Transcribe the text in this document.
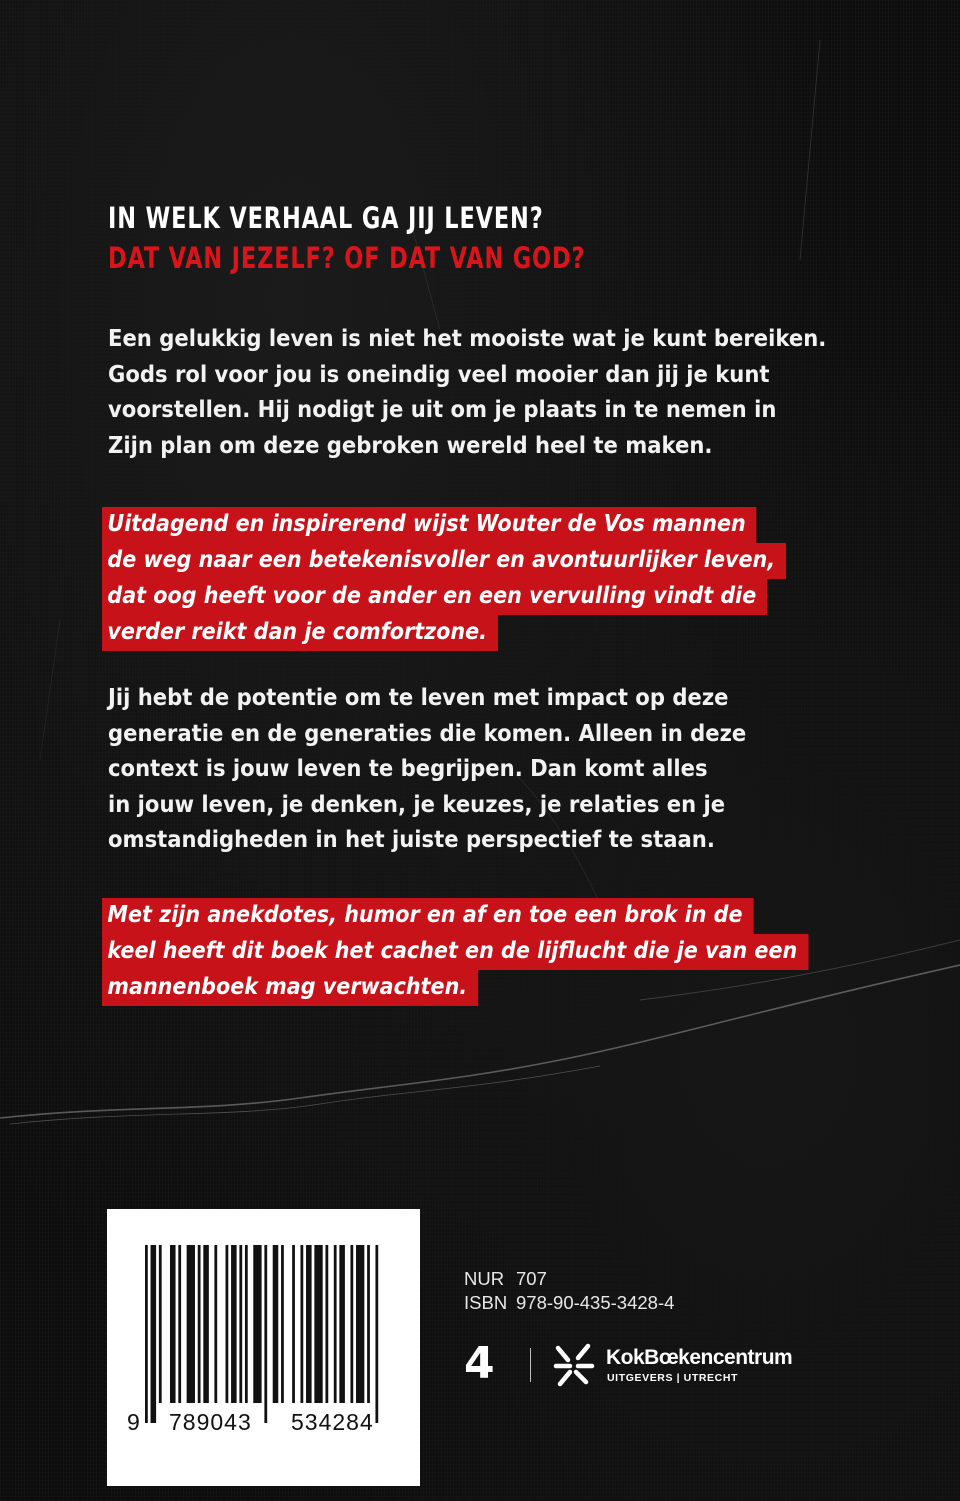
IN WELK VERHAAL GA JIJ LEVEN?
DAT VAN JEZELF? OF DAT VAN GOD?
Een gelukkig leven is niet het mooiste wat je kunt bereiken.
Gods rol voor jou is oneindig veel mooier dan jij je kunt
voorstellen. Hij nodigt je uit om je plaats in te nemen in
Zijn plan om deze gebroken wereld heel te maken.
Uitdagend en inspirerend wijst Wouter de Vos mannen
de weg naar een betekenisvoller en avontuurlijker leven,
dat oog heeft voor de ander en een vervulling vindt die
verder reikt dan je comfortzone.
Jij hebt de potentie om te leven met impact op deze
generatie en de generaties die komen. Alleen in deze
context is jouw leven te begrijpen. Dan komt alles
in jouw leven, je denken, je keuzes, je relaties en je
omstandigheden in het juiste perspectief te staan.
Met zijn anekdotes, humor en af en toe een brok in de
keel heeft dit boek het cachet en de lijflucht die je van een
mannenboek mag verwachten.
9 789043 534284
NUR 707
ISBN 978-90-435-3428-4
4	KokBœkencentrum
UITGEVERS | UTRECHT
